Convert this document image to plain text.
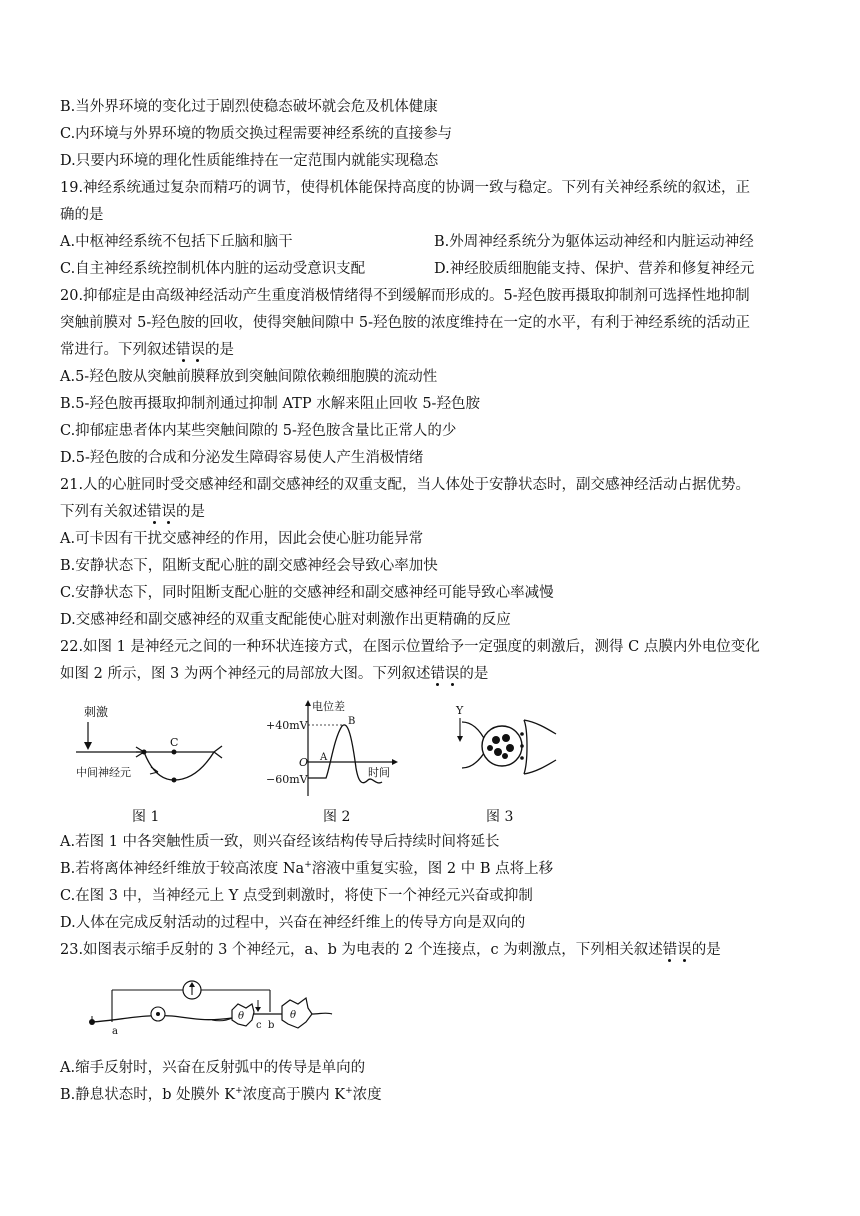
B.当外界环境的变化过于剧烈使稳态破坏就会危及机体健康
C.内环境与外界环境的物质交换过程需要神经系统的直接参与
D.只要内环境的理化性质能维持在一定范围内就能实现稳态
19.神经系统通过复杂而精巧的调节，使得机体能保持高度的协调一致与稳定。下列有关神经系统的叙述，正
确的是
A.中枢神经系统不包括下丘脑和脑干	B.外周神经系统分为躯体运动神经和内脏运动神经
C.自主神经系统控制机体内脏的运动受意识支配	D.神经胶质细胞能支持、保护、营养和修复神经元
20.抑郁症是由高级神经活动产生重度消极情绪得不到缓解而形成的。5-羟色胺再摄取抑制剂可选择性地抑制
突触前膜对 5-羟色胺的回收，使得突触间隙中 5-羟色胺的浓度维持在一定的水平，有利于神经系统的活动正
常进行。下列叙述错误的是
A.5-羟色胺从突触前膜释放到突触间隙依赖细胞膜的流动性
B.5-羟色胺再摄取抑制剂通过抑制 ATP 水解来阻止回收 5-羟色胺
C.抑郁症患者体内某些突触间隙的 5-羟色胺含量比正常人的少
D.5-羟色胺的合成和分泌发生障碍容易使人产生消极情绪
21.人的心脏同时受交感神经和副交感神经的双重支配，当人体处于安静状态时，副交感神经活动占据优势。
下列有关叙述错误的是
A.可卡因有干扰交感神经的作用，因此会使心脏功能异常
B.安静状态下，阻断支配心脏的副交感神经会导致心率加快
C.安静状态下，同时阻断支配心脏的交感神经和副交感神经可能导致心率减慢
D.交感神经和副交感神经的双重支配能使心脏对刺激作出更精确的反应
22.如图 1 是神经元之间的一种环状连接方式，在图示位置给予一定强度的刺激后，测得 C 点膜内外电位变化
如图 2 所示，图 3 为两个神经元的局部放大图。下列叙述错误的是
刺激
C
中间神经元
图 1
电位差
时间
+40mV
O
−60mV
A
B
图 2
Y
图 3
A.若图 1 中各突触性质一致，则兴奋经该结构传导后持续时间将延长
B.若将离体神经纤维放于较高浓度 Na+溶液中重复实验，图 2 中 B 点将上移
C.在图 3 中，当神经元上 Y 点受到刺激时，将使下一个神经元兴奋或抑制
D.人体在完成反射活动的过程中，兴奋在神经纤维上的传导方向是双向的
23.如图表示缩手反射的 3 个神经元，a、b 为电表的 2 个连接点，c 为刺激点，下列相关叙述错误的是
θ	θ
a
c b
A.缩手反射时，兴奋在反射弧中的传导是单向的
B.静息状态时，b 处膜外 K+浓度高于膜内 K+浓度
